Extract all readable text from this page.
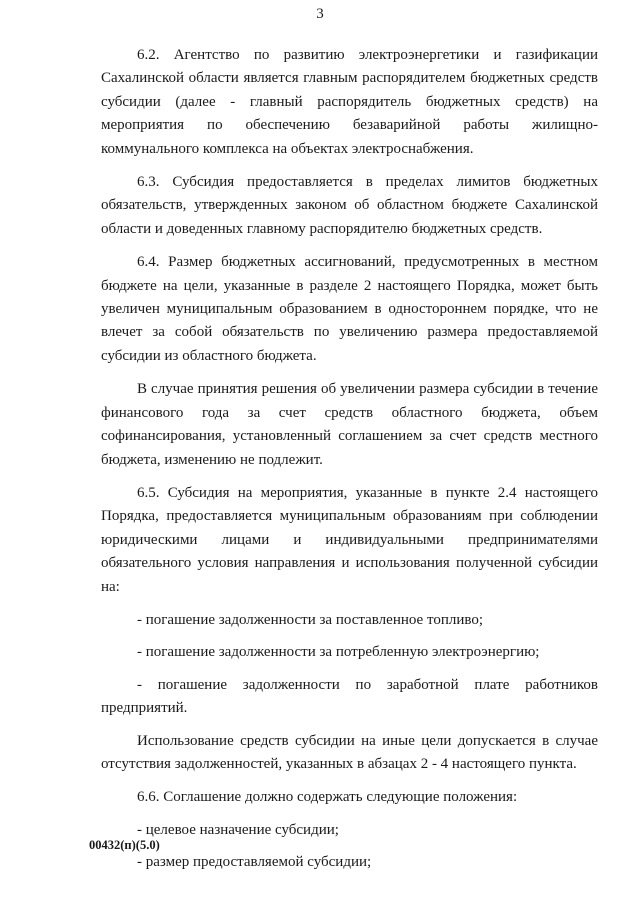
3

6.2. Агентство по развитию электроэнергетики и газификации Сахалинской области является главным распорядителем бюджетных средств субсидии (далее - главный распорядитель бюджетных средств) на мероприятия по обеспечению безаварийной работы жилищно-коммунального комплекса на объектах электроснабжения.

6.3. Субсидия предоставляется в пределах лимитов бюджетных обязательств, утвержденных законом об областном бюджете Сахалинской области и доведенных главному распорядителю бюджетных средств.

6.4. Размер бюджетных ассигнований, предусмотренных в местном бюджете на цели, указанные в разделе 2 настоящего Порядка, может быть увеличен муниципальным образованием в одностороннем порядке, что не влечет за собой обязательств по увеличению размера предоставляемой субсидии из областного бюджета.

В случае принятия решения об увеличении размера субсидии в течение финансового года за счет средств областного бюджета, объем софинансирования, установленный соглашением за счет средств местного бюджета, изменению не подлежит.

6.5. Субсидия на мероприятия, указанные в пункте 2.4 настоящего Порядка, предоставляется муниципальным образованиям при соблюдении юридическими лицами и индивидуальными предпринимателями обязательного условия направления и использования полученной субсидии на:

- погашение задолженности за поставленное топливо;

- погашение задолженности за потребленную электроэнергию;

- погашение задолженности по заработной плате работников предприятий.

Использование средств субсидии на иные цели допускается в случае отсутствия задолженностей, указанных в абзацах 2 - 4 настоящего пункта.

6.6. Соглашение должно содержать следующие положения:

- целевое назначение субсидии;

- размер предоставляемой субсидии;

00432(п)(5.0)
